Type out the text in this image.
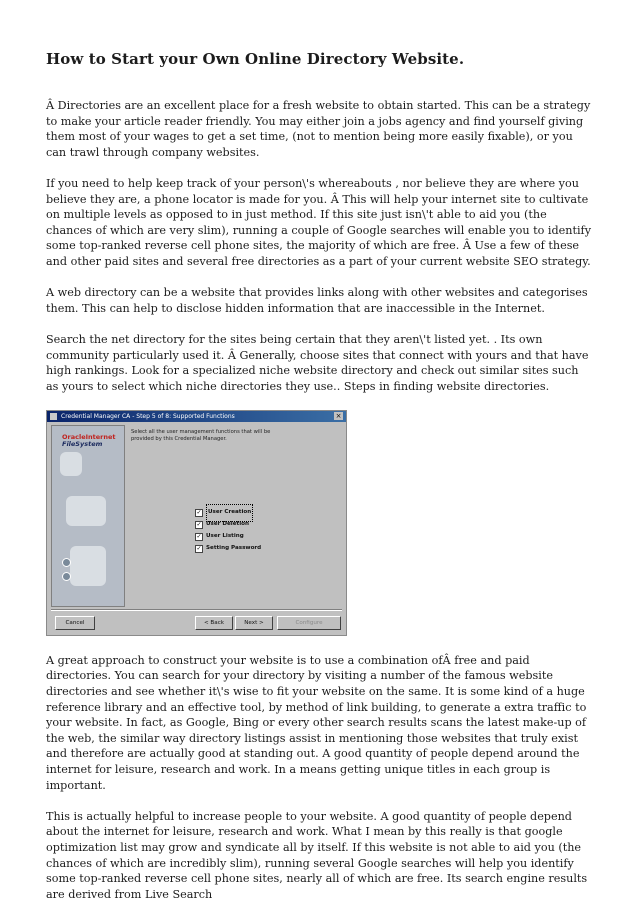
How to Start your Own Online Directory Website.

Â Directories are an excellent place for a fresh website to obtain started. This can be a strategy to make your article reader friendly. You may either join a jobs agency and find yourself giving them most of your wages to get a set time, (not to mention being more easily fixable), or you can trawl through company websites.

If you need to help keep track of your person\'s whereabouts , nor believe they are where you believe they are, a phone locator is made for you. Â This will help your internet site to cultivate on multiple levels as opposed to in just method. If this site just isn\'t able to aid you (the chances of which are very slim), running a couple of Google searches will enable you to identify some top-ranked reverse cell phone sites, the majority of which are free. Â Use a few of these and other paid sites and several free directories as a part of your current website SEO strategy.

A web directory can be a website that provides links along with other websites and categorises them. This can help to disclose hidden information that are inaccessible in the Internet.

Search the net directory for the sites being certain that they aren\'t listed yet. . Its own community particularly used it. Â Generally, choose sites that connect with yours and that have high rankings. Look for a specialized niche website directory and check out similar sites such as yours to select which niche directories they use.. Steps in finding website directories.

Credential Manager CA - Step 5 of 8: Supported Functions	×
OracleInternet
FileSystem
Select all the user management functions that will be provided by this Credential Manager.
✓	User Creation
✓ User Deletion
✓ User Listing
✓ Setting Password
Cancel	< Back	Next >	Configure

A great approach to construct your website is to use a combination ofÂ free and paid directories. You can search for your directory by visiting a number of the famous website directories and see whether it\'s wise to fit your website on the same. It is some kind of a huge reference library and an effective tool, by method of link building, to generate a extra traffic to your website. In fact, as Google, Bing or every other search results scans the latest make-up of the web, the similar way directory listings assist in mentioning those websites that truly exist and therefore are actually good at standing out. A good quantity of people depend around the internet for leisure, research and work. In a means getting unique titles in each group is important.

This is actually helpful to increase people to your website. A good quantity of people depend about the internet for leisure, research and work. What I mean by this really is that google optimization list may grow and syndicate all by itself. If this website is not able to aid you (the chances of which are incredibly slim), running several Google searches will help you identify some top-ranked reverse cell phone sites, nearly all of which are free. Its search engine results are derived from Live Search
